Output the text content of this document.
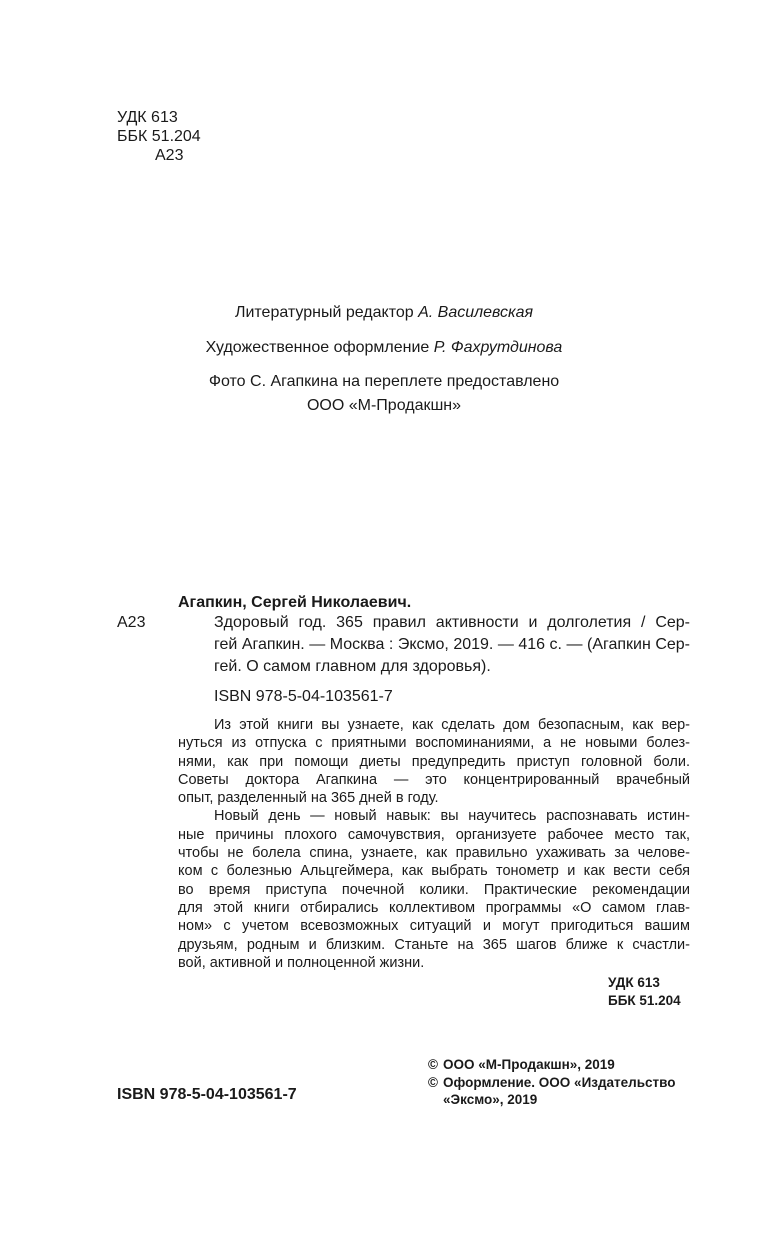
УДК 613
ББК 51.204
А23
Литературный редактор А. Василевская
Художественное оформление Р. Фахрутдинова
Фото С. Агапкина на переплете предоставлено
ООО «М-Продакшн»
Агапкин, Сергей Николаевич.
А23	Здоровый год. 365 правил активности и долголетия / Сер-
гей Агапкин. — Москва : Эксмо, 2019. — 416 с. — (Агапкин Сер-
гей. О самом главном для здоровья).
ISBN 978-5-04-103561-7
Из этой книги вы узнаете, как сделать дом безопасным, как вер-
нуться из отпуска с приятными воспоминаниями, а не новыми болез-
нями, как при помощи диеты предупредить приступ головной боли.
Советы доктора Агапкина — это концентрированный врачебный
опыт, разделенный на 365 дней в году.
Новый день — новый навык: вы научитесь распознавать истин-
ные причины плохого самочувствия, организуете рабочее место так,
чтобы не болела спина, узнаете, как правильно ухаживать за челове-
ком с болезнью Альцгеймера, как выбрать тонометр и как вести себя
во время приступа почечной колики. Практические рекомендации
для этой книги отбирались коллективом программы «О самом глав-
ном» с учетом всевозможных ситуаций и могут пригодиться вашим
друзьям, родным и близким. Станьте на 365 шагов ближе к счастли-
вой, активной и полноценной жизни.
УДК 613
ББК 51.204
© ООО «М-Продакшн», 2019
© Оформление. ООО «Издательство
«Эксмо», 2019
ISBN 978-5-04-103561-7
